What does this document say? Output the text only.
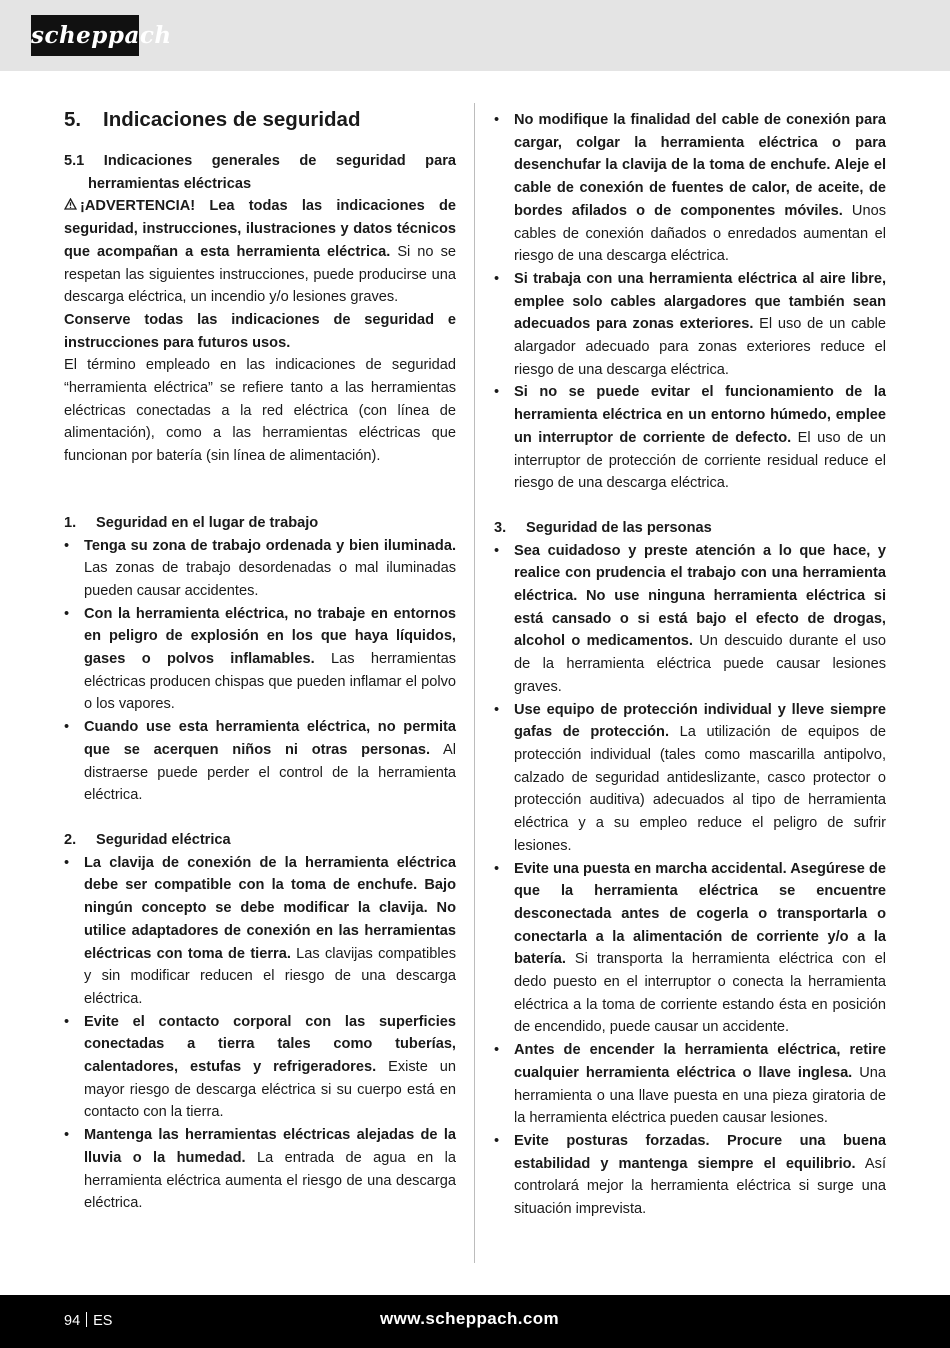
scheppach
5. Indicaciones de seguridad

5.1 Indicaciones generales de seguridad para herramientas eléctricas

¡ADVERTENCIA! Lea todas las indicaciones de seguridad, instrucciones, ilustraciones y datos técnicos que acompañan a esta herramienta eléctrica. Si no se respetan las siguientes instrucciones, puede producirse una descarga eléctrica, un incendio y/o lesiones graves.

Conserve todas las indicaciones de seguridad e instrucciones para futuros usos.

El término empleado en las indicaciones de seguridad “herramienta eléctrica” se refiere tanto a las herramientas eléctricas conectadas a la red eléctrica (con línea de alimentación), como a las herramientas eléctricas que funcionan por batería (sin línea de alimentación).

1. Seguridad en el lugar de trabajo

• Tenga su zona de trabajo ordenada y bien iluminada. Las zonas de trabajo desordenadas o mal iluminadas pueden causar accidentes.
• Con la herramienta eléctrica, no trabaje en entornos en peligro de explosión en los que haya líquidos, gases o polvos inflamables. Las herramientas eléctricas producen chispas que pueden inflamar el polvo o los vapores.
• Cuando use esta herramienta eléctrica, no permita que se acerquen niños ni otras personas. Al distraerse puede perder el control de la herramienta eléctrica.

2. Seguridad eléctrica

• La clavija de conexión de la herramienta eléctrica debe ser compatible con la toma de enchufe. Bajo ningún concepto se debe modificar la clavija. No utilice adaptadores de conexión en las herramientas eléctricas con toma de tierra. Las clavijas compatibles y sin modificar reducen el riesgo de una descarga eléctrica.
• Evite el contacto corporal con las superficies conectadas a tierra tales como tuberías, calentadores, estufas y refrigeradores. Existe un mayor riesgo de descarga eléctrica si su cuerpo está en contacto con la tierra.
• Mantenga las herramientas eléctricas alejadas de la lluvia o la humedad. La entrada de agua en la herramienta eléctrica aumenta el riesgo de una descarga eléctrica.
• No modifique la finalidad del cable de conexión para cargar, colgar la herramienta eléctrica o para desenchufar la clavija de la toma de enchufe. Aleje el cable de conexión de fuentes de calor, de aceite, de bordes afilados o de componentes móviles. Unos cables de conexión dañados o enredados aumentan el riesgo de una descarga eléctrica.
• Si trabaja con una herramienta eléctrica al aire libre, emplee solo cables alargadores que también sean adecuados para zonas exteriores. El uso de un cable alargador adecuado para zonas exteriores reduce el riesgo de una descarga eléctrica.
• Si no se puede evitar el funcionamiento de la herramienta eléctrica en un entorno húmedo, emplee un interruptor de corriente de defecto. El uso de un interruptor de protección de corriente residual reduce el riesgo de una descarga eléctrica.

3. Seguridad de las personas

• Sea cuidadoso y preste atención a lo que hace, y realice con prudencia el trabajo con una herramienta eléctrica. No use ninguna herramienta eléctrica si está cansado o si está bajo el efecto de drogas, alcohol o medicamentos. Un descuido durante el uso de la herramienta eléctrica puede causar lesiones graves.
• Use equipo de protección individual y lleve siempre gafas de protección. La utilización de equipos de protección individual (tales como mascarilla antipolvo, calzado de seguridad antideslizante, casco protector o protección auditiva) adecuados al tipo de herramienta eléctrica y a su empleo reduce el peligro de sufrir lesiones.
• Evite una puesta en marcha accidental. Asegúrese de que la herramienta eléctrica se encuentre desconectada antes de cogerla o transportarla o conectarla a la alimentación de corriente y/o a la batería. Si transporta la herramienta eléctrica con el dedo puesto en el interruptor o conecta la herramienta eléctrica a la toma de corriente estando ésta en posición de encendido, puede causar un accidente.
• Antes de encender la herramienta eléctrica, retire cualquier herramienta eléctrica o llave inglesa. Una herramienta o una llave puesta en una pieza giratoria de la herramienta eléctrica pueden causar lesiones.
• Evite posturas forzadas. Procure una buena estabilidad y mantenga siempre el equilibrio. Así controlará mejor la herramienta eléctrica si surge una situación imprevista.
94 ES	www.scheppach.com
